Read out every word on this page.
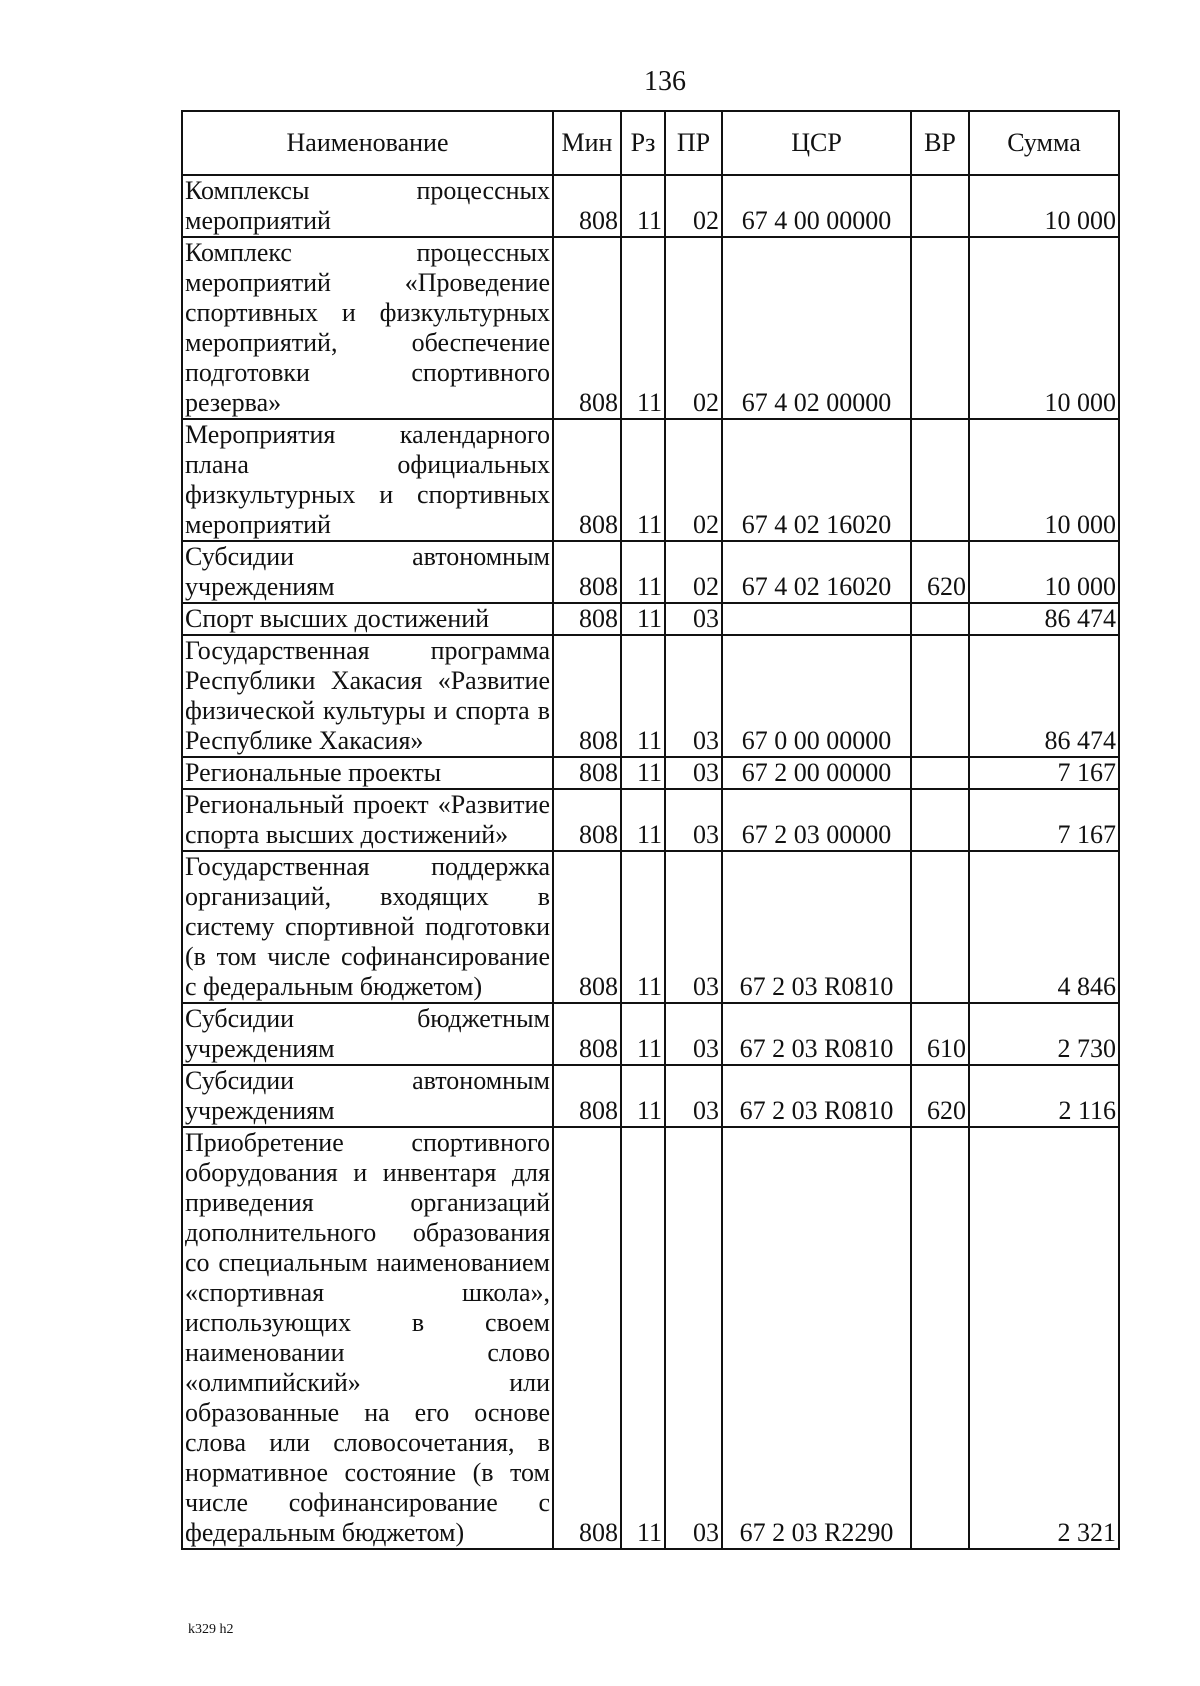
136
Наименование	Мин	Рз	ПР	ЦСР	ВР	Сумма
Комплексы процессных мероприятий	808	11	02	67 4 00 00000		10 000
Комплекс процессных мероприятий «Проведение спортивных и физкультурных мероприятий, обеспечение подготовки спортивного резерва»	808	11	02	67 4 02 00000		10 000
Мероприятия календарного плана официальных физкультурных и спортивных мероприятий	808	11	02	67 4 02 16020		10 000
Субсидии автономным учреждениям	808	11	02	67 4 02 16020	620	10 000
Спорт высших достижений	808	11	03			86 474
Государственная программа Республики Хакасия «Развитие физической культуры и спорта в Республике Хакасия»	808	11	03	67 0 00 00000		86 474
Региональные проекты	808	11	03	67 2 00 00000		7 167
Региональный проект «Развитие спорта высших достижений»	808	11	03	67 2 03 00000		7 167
Государственная поддержка организаций, входящих в систему спортивной подготовки (в том числе софинансирование с федеральным бюджетом)	808	11	03	67 2 03 R0810		4 846
Субсидии бюджетным учреждениям	808	11	03	67 2 03 R0810	610	2 730
Субсидии автономным учреждениям	808	11	03	67 2 03 R0810	620	2 116
Приобретение спортивного оборудования и инвентаря для приведения организаций дополнительного образования со специальным наименованием «спортивная школа», использующих в своем наименовании слово «олимпийский» или образованные на его основе слова или словосочетания, в нормативное состояние (в том числе софинансирование с федеральным бюджетом)	808	11	03	67 2 03 R2290		2 321
k329 h2
